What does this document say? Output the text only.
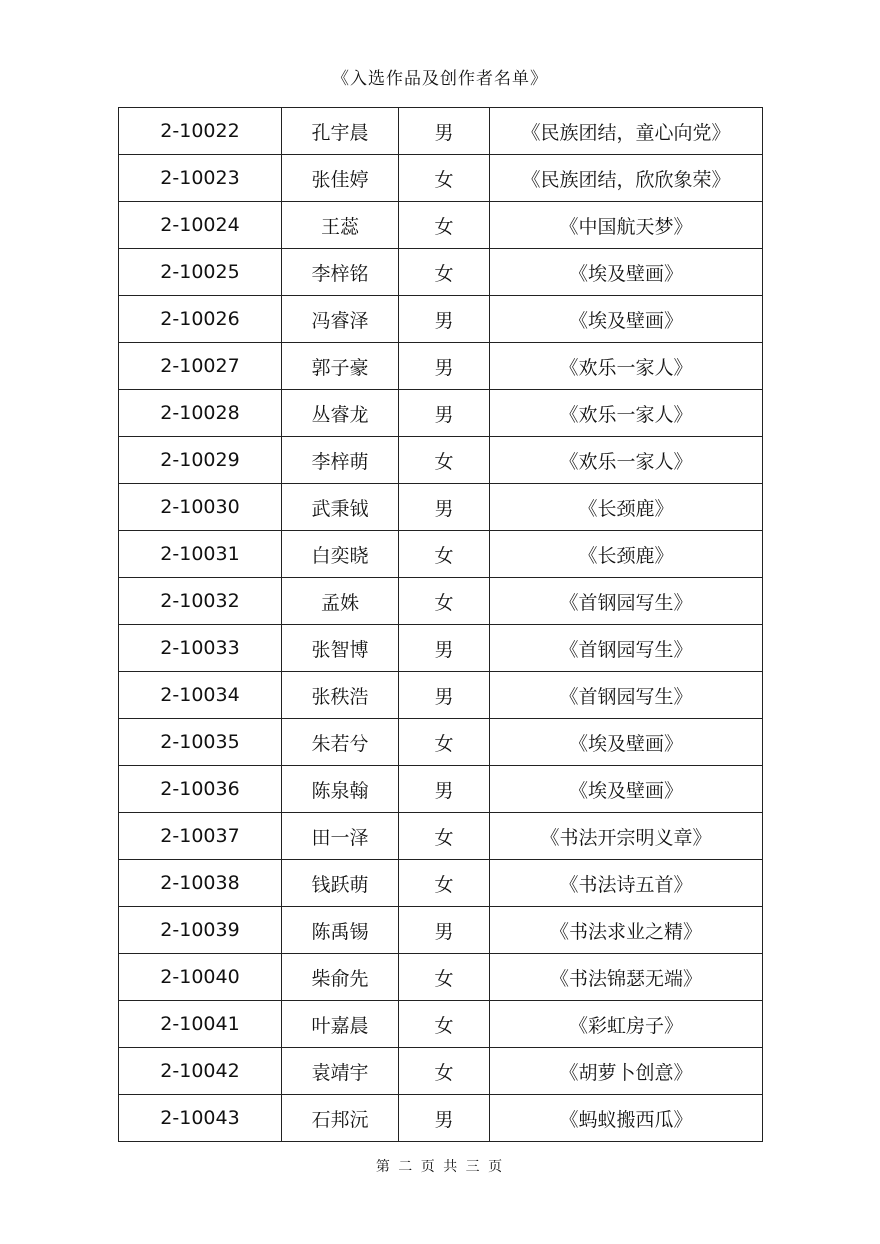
《入选作品及创作者名单》
2-10022	孔宇晨	男	《民族团结，童心向党》
2-10023	张佳婷	女	《民族团结，欣欣象荣》
2-10024	王蕊	女	《中国航天梦》
2-10025	李梓铭	女	《埃及壁画》
2-10026	冯睿泽	男	《埃及壁画》
2-10027	郭子豪	男	《欢乐一家人》
2-10028	丛睿龙	男	《欢乐一家人》
2-10029	李梓萌	女	《欢乐一家人》
2-10030	武秉钺	男	《长颈鹿》
2-10031	白奕晓	女	《长颈鹿》
2-10032	孟姝	女	《首钢园写生》
2-10033	张智博	男	《首钢园写生》
2-10034	张秩浩	男	《首钢园写生》
2-10035	朱若兮	女	《埃及壁画》
2-10036	陈泉翰	男	《埃及壁画》
2-10037	田一泽	女	《书法开宗明义章》
2-10038	钱跃萌	女	《书法诗五首》
2-10039	陈禹锡	男	《书法求业之精》
2-10040	柴俞先	女	《书法锦瑟无端》
2-10041	叶嘉晨	女	《彩虹房子》
2-10042	袁靖宇	女	《胡萝卜创意》
2-10043	石邦沅	男	《蚂蚁搬西瓜》
第 二 页 共 三 页
